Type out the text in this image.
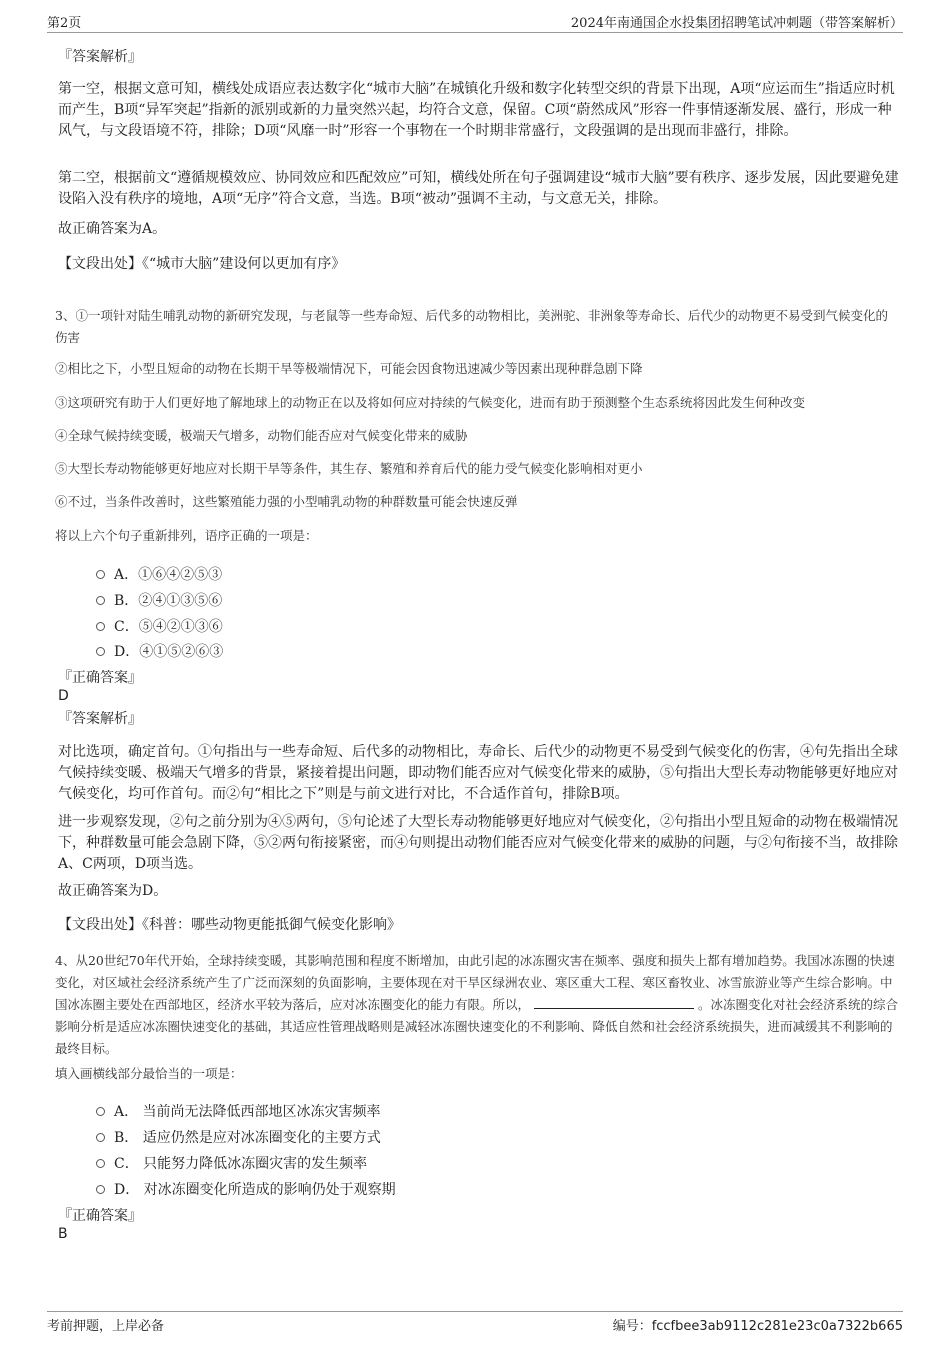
第2页	2024年南通国企水投集团招聘笔试冲刺题（带答案解析）
『答案解析』
第一空，根据文意可知，横线处成语应表达数字化“城市大脑”在城镇化升级和数字化转型交织的背景下出现，A项“应运而生”指适应时机而产生，B项“异军突起”指新的派别或新的力量突然兴起，均符合文意，保留。C项“蔚然成风”形容一件事情逐渐发展、盛行，形成一种风气，与文段语境不符，排除；D项“风靡一时”形容一个事物在一个时期非常盛行，文段强调的是出现而非盛行，排除。
第二空，根据前文“遵循规模效应、协同效应和匹配效应”可知，横线处所在句子强调建设“城市大脑”要有秩序、逐步发展，因此要避免建设陷入没有秩序的境地，A项“无序”符合文意，当选。B项“被动”强调不主动，与文意无关，排除。
故正确答案为A。
【文段出处】《“城市大脑”建设何以更加有序》
3、①一项针对陆生哺乳动物的新研究发现，与老鼠等一些寿命短、后代多的动物相比，美洲驼、非洲象等寿命长、后代少的动物更不易受到气候变化的伤害
②相比之下，小型且短命的动物在长期干旱等极端情况下，可能会因食物迅速减少等因素出现种群急剧下降
③这项研究有助于人们更好地了解地球上的动物正在以及将如何应对持续的气候变化，进而有助于预测整个生态系统将因此发生何种改变
④全球气候持续变暖，极端天气增多，动物们能否应对气候变化带来的威胁
⑤大型长寿动物能够更好地应对长期干旱等条件，其生存、繁殖和养育后代的能力受气候变化影响相对更小
⑥不过，当条件改善时，这些繁殖能力强的小型哺乳动物的种群数量可能会快速反弹
将以上六个句子重新排列，语序正确的一项是：
A．①⑥④②⑤③
B．②④①③⑤⑥
C．⑤④②①③⑥
D．④①⑤②⑥③
『正确答案』
D
『答案解析』
对比选项，确定首句。①句指出与一些寿命短、后代多的动物相比，寿命长、后代少的动物更不易受到气候变化的伤害，④句先指出全球气候持续变暖、极端天气增多的背景，紧接着提出问题，即动物们能否应对气候变化带来的威胁，⑤句指出大型长寿动物能够更好地应对气候变化，均可作首句。而②句“相比之下”则是与前文进行对比，不合适作首句，排除B项。
进一步观察发现，②句之前分别为④⑤两句，⑤句论述了大型长寿动物能够更好地应对气候变化，②句指出小型且短命的动物在极端情况下，种群数量可能会急剧下降，⑤②两句衔接紧密，而④句则提出动物们能否应对气候变化带来的威胁的问题，与②句衔接不当，故排除A、C两项，D项当选。
故正确答案为D。
【文段出处】《科普：哪些动物更能抵御气候变化影响》
4、从20世纪70年代开始，全球持续变暖，其影响范围和程度不断增加，由此引起的冰冻圈灾害在频率、强度和损失上都有增加趋势。我国冰冻圈的快速变化，对区域社会经济系统产生了广泛而深刻的负面影响，主要体现在对干旱区绿洲农业、寒区重大工程、寒区畜牧业、冰雪旅游业等产生综合影响。中国冰冻圈主要处在西部地区，经济水平较为落后，应对冰冻圈变化的能力有限。所以，	。冰冻圈变化对社会经济系统的综合影响分析是适应冰冻圈快速变化的基础，其适应性管理战略则是减轻冰冻圈快速变化的不利影响、降低自然和社会经济系统损失，进而减缓其不利影响的最终目标。
填入画横线部分最恰当的一项是：
A． 当前尚无法降低西部地区冰冻灾害频率
B． 适应仍然是应对冰冻圈变化的主要方式
C． 只能努力降低冰冻圈灾害的发生频率
D． 对冰冻圈变化所造成的影响仍处于观察期
『正确答案』
B
考前押题，上岸必备	编号：fccfbee3ab9112c281e23c0a7322b665
